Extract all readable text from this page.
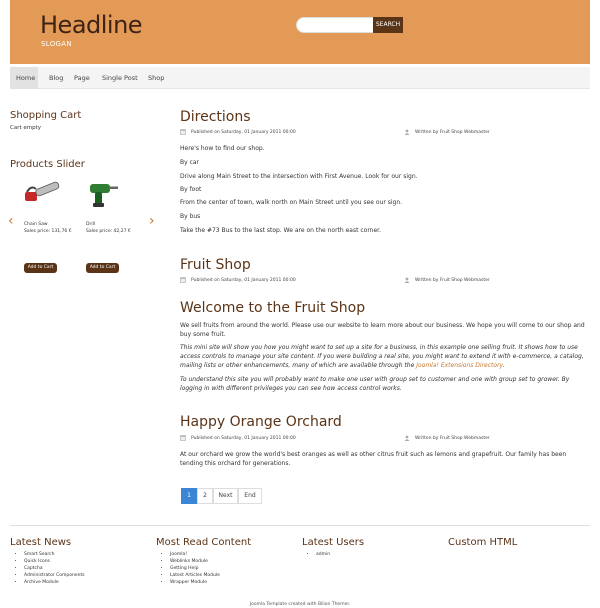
Headline
SLOGAN
SEARCH
Home	Blog	Page	Single Post	Shop
Shopping Cart
Cart empty
Products Slider
‹	›
Chain Saw
Sales price: 131,76 €
Drill
Sales price: 42,27 €
Add to Cart	Add to Cart
Directions
Published on Saturday, 01 January 2011 00:00	Written by Fruit Shop Webmaster
Here's how to find our shop.
By car
Drive along Main Street to the intersection with First Avenue. Look for our sign.
By foot
From the center of town, walk north on Main Street until you see our sign.
By bus
Take the #73 Bus to the last stop. We are on the north east corner.
Fruit Shop
Published on Saturday, 01 January 2011 00:00	Written by Fruit Shop Webmaster
Welcome to the Fruit Shop
We sell fruits from around the world. Please use our website to learn more about our business. We hope you will come to our shop and buy some fruit.
This mini site will show you how you might want to set up a site for a business, in this example one selling fruit. It shows how to use access controls to manage your site content. If you were building a real site, you might want to extend it with e-commerce, a catalog, mailing lists or other enhancements, many of which are available through the Joomla! Extensions Directory.
To understand this site you will probably want to make one user with group set to customer and one with group set to grower. By logging in with different privileges you can see how access control works.
Happy Orange Orchard
Published on Saturday, 01 January 2011 00:00	Written by Fruit Shop Webmaster
At our orchard we grow the world's best oranges as well as other citrus fruit such as lemons and grapefruit. Our family has been tending this orchard for generations.
1	2	Next	End
Latest News
• Smart Search
• Quick Icons
• Captcha
• Administrator Components
• Archive Module
Most Read Content
• Joomla!
• Weblinks Module
• Getting Help
• Latest Articles Module
• Wrapper Module
Latest Users
• admin
Custom HTML
Joomla Template created with Bilion Themer.
